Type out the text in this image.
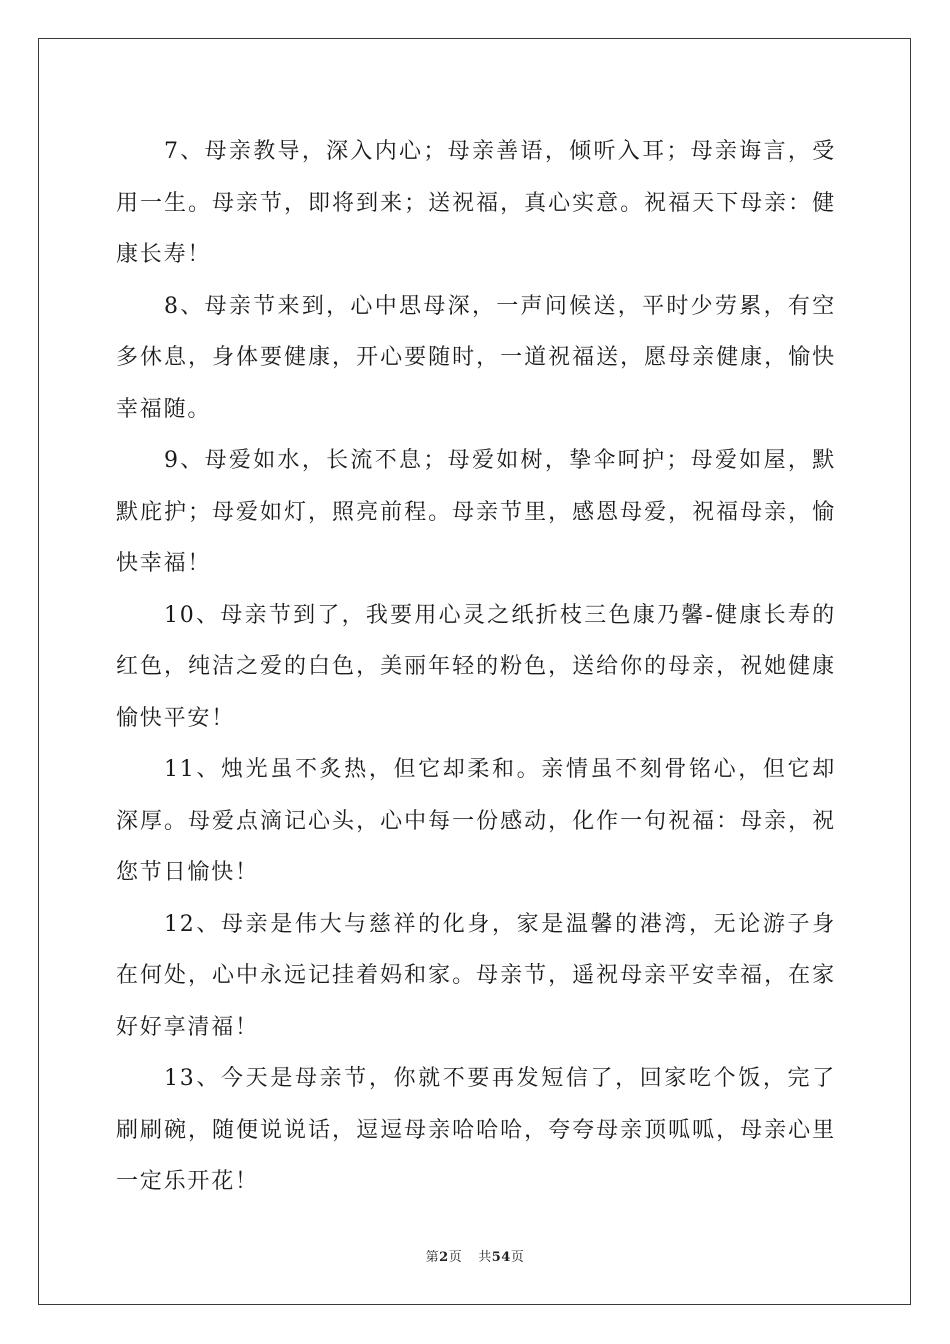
7、母亲教导，深入内心；母亲善语，倾听入耳；母亲诲言，受用一生。母亲节，即将到来；送祝福，真心实意。祝福天下母亲：健康长寿！

8、母亲节来到，心中思母深，一声问候送，平时少劳累，有空多休息，身体要健康，开心要随时，一道祝福送，愿母亲健康，愉快幸福随。

9、母爱如水，长流不息；母爱如树，挚伞呵护；母爱如屋，默默庇护；母爱如灯，照亮前程。母亲节里，感恩母爱，祝福母亲，愉快幸福！

10、母亲节到了，我要用心灵之纸折枝三色康乃馨-健康长寿的红色，纯洁之爱的白色，美丽年轻的粉色，送给你的母亲，祝她健康愉快平安！

11、烛光虽不炙热，但它却柔和。亲情虽不刻骨铭心，但它却深厚。母爱点滴记心头，心中每一份感动，化作一句祝福：母亲，祝您节日愉快！

12、母亲是伟大与慈祥的化身，家是温馨的港湾，无论游子身在何处，心中永远记挂着妈和家。母亲节，遥祝母亲平安幸福，在家好好享清福！

13、今天是母亲节，你就不要再发短信了，回家吃个饭，完了刷刷碗，随便说说话，逗逗母亲哈哈哈，夸夸母亲顶呱呱，母亲心里一定乐开花！

第2页 共54页
